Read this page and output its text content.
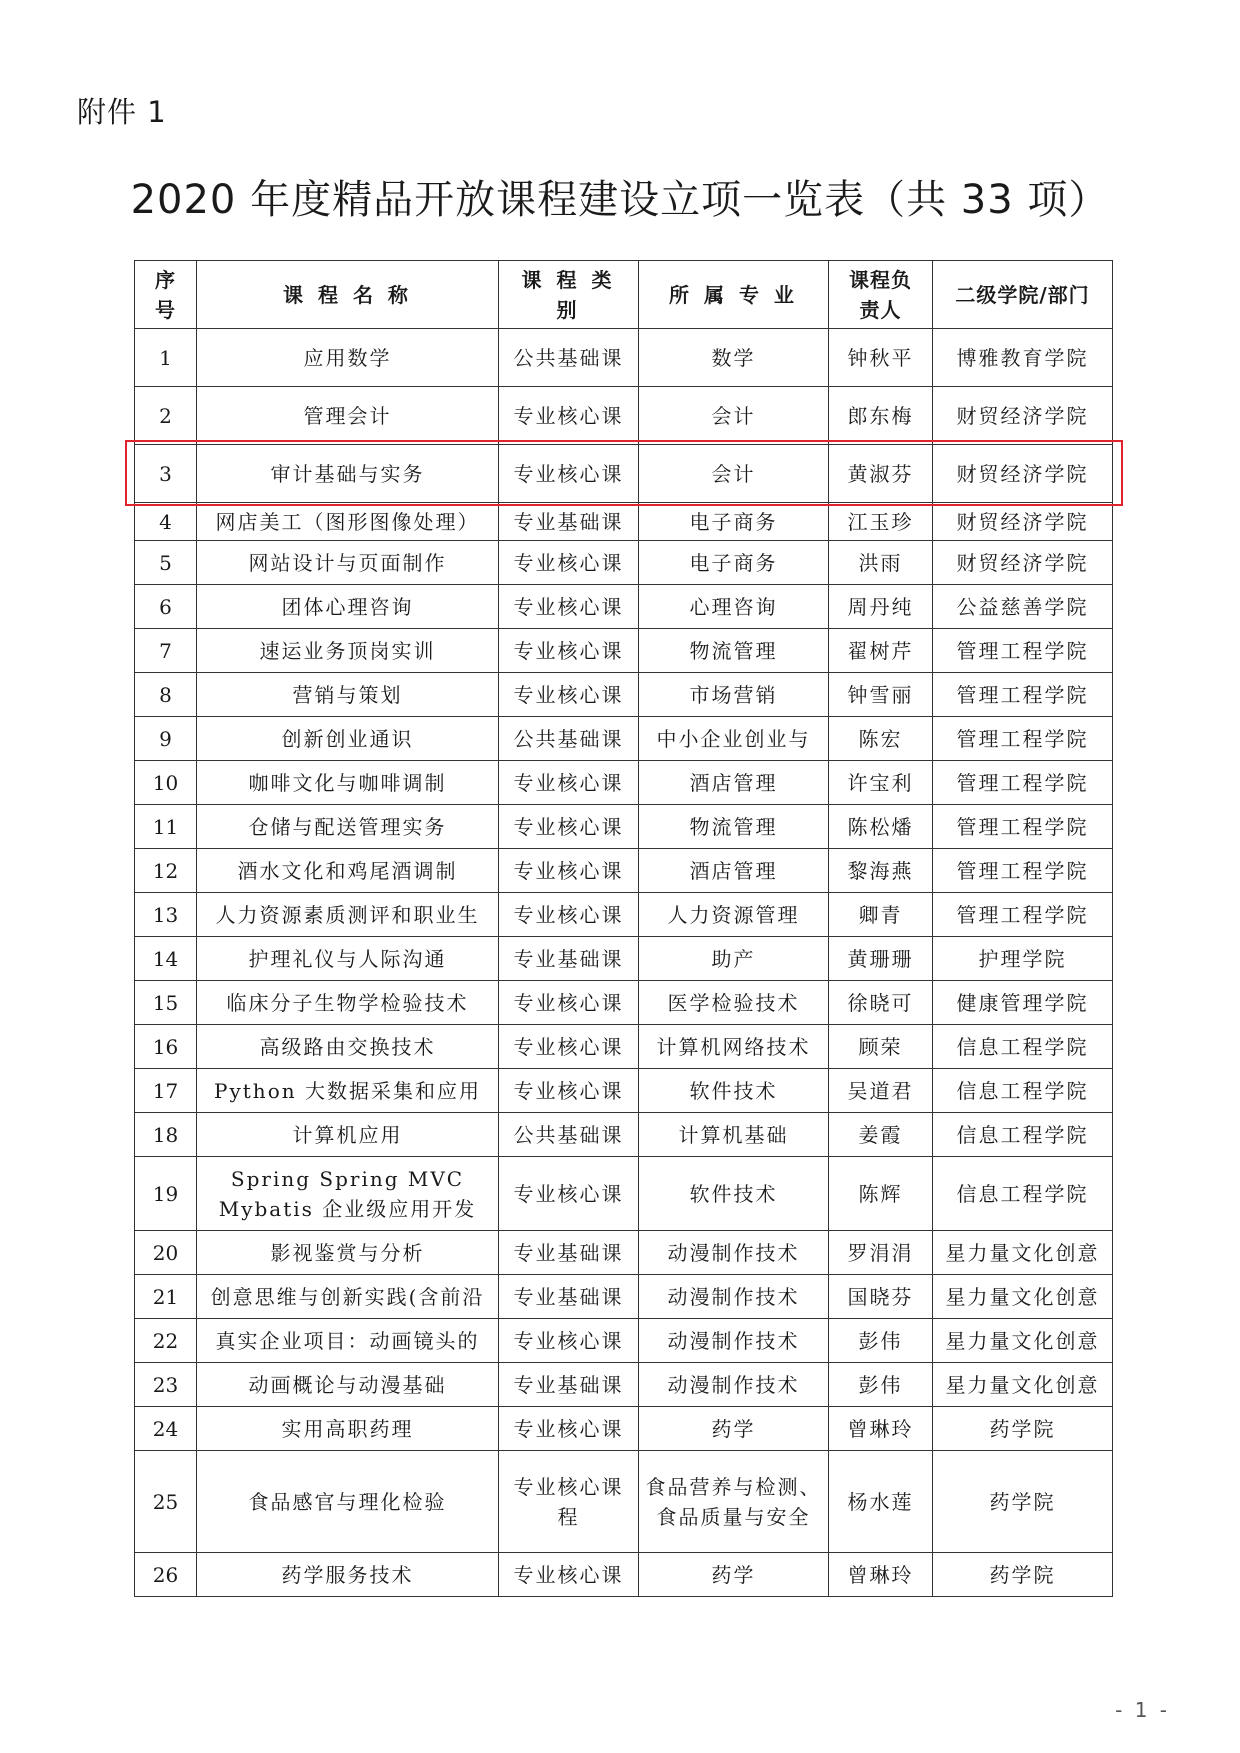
附件 1
2020 年度精品开放课程建设立项一览表（共 33 项）
序号	课 程 名 称	课 程 类 别	所 属 专 业	课程负责人	二级学院/部门
1	应用数学	公共基础课	数学	钟秋平	博雅教育学院
2	管理会计	专业核心课	会计	郎东梅	财贸经济学院
3	审计基础与实务	专业核心课	会计	黄淑芬	财贸经济学院
4	网店美工（图形图像处理）	专业基础课	电子商务	江玉珍	财贸经济学院
5	网站设计与页面制作	专业核心课	电子商务	洪雨	财贸经济学院
6	团体心理咨询	专业核心课	心理咨询	周丹纯	公益慈善学院
7	速运业务顶岗实训	专业核心课	物流管理	翟树芹	管理工程学院
8	营销与策划	专业核心课	市场营销	钟雪丽	管理工程学院
9	创新创业通识	公共基础课	中小企业创业与	陈宏	管理工程学院
10	咖啡文化与咖啡调制	专业核心课	酒店管理	许宝利	管理工程学院
11	仓储与配送管理实务	专业核心课	物流管理	陈松燔	管理工程学院
12	酒水文化和鸡尾酒调制	专业核心课	酒店管理	黎海燕	管理工程学院
13	人力资源素质测评和职业生	专业核心课	人力资源管理	卿青	管理工程学院
14	护理礼仪与人际沟通	专业基础课	助产	黄珊珊	护理学院
15	临床分子生物学检验技术	专业核心课	医学检验技术	徐晓可	健康管理学院
16	高级路由交换技术	专业核心课	计算机网络技术	顾荣	信息工程学院
17	Python 大数据采集和应用	专业核心课	软件技术	吴道君	信息工程学院
18	计算机应用	公共基础课	计算机基础	姜霞	信息工程学院
19	Spring Spring MVC Mybatis 企业级应用开发	专业核心课	软件技术	陈辉	信息工程学院
20	影视鉴赏与分析	专业基础课	动漫制作技术	罗涓涓	星力量文化创意

21	创意思维与创新实践(含前沿	专业基础课	动漫制作技术	国晓芬	星力量文化创意

22	真实企业项目：动画镜头的	专业核心课	动漫制作技术	彭伟	星力量文化创意

23	动画概论与动漫基础	专业基础课	动漫制作技术	彭伟	星力量文化创意

24	实用高职药理	专业核心课	药学	曾琳玲	药学院
25	食品感官与理化检验	专业核心课程	食品营养与检测、食品质量与安全	杨水莲	药学院
26	药学服务技术	专业核心课	药学	曾琳玲	药学院
- 1 -
